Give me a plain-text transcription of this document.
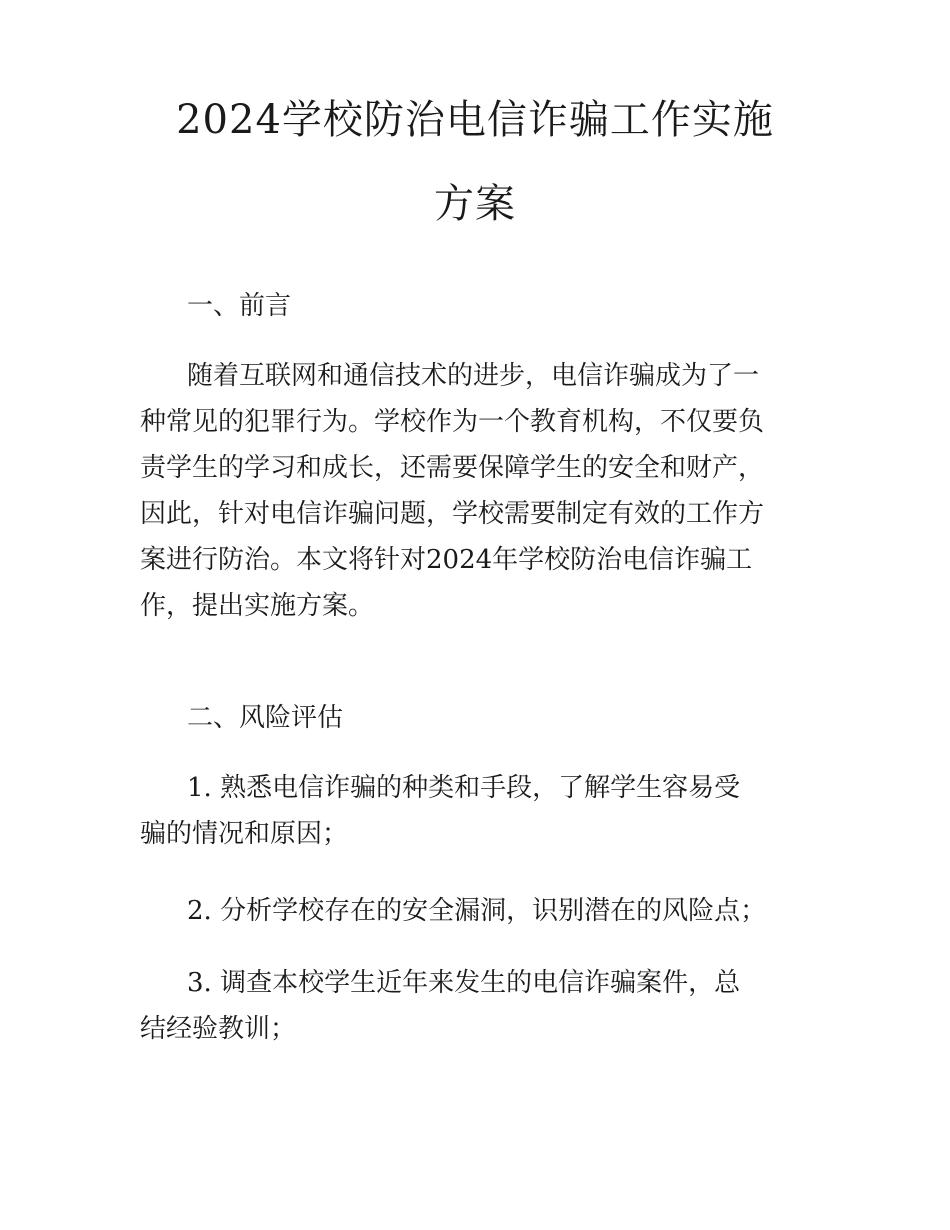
2024学校防治电信诈骗工作实施
方案

一、前言

随着互联网和通信技术的进步，电信诈骗成为了一
种常见的犯罪行为。学校作为一个教育机构，不仅要负
责学生的学习和成长，还需要保障学生的安全和财产，
因此，针对电信诈骗问题，学校需要制定有效的工作方
案进行防治。本文将针对2024年学校防治电信诈骗工
作，提出实施方案。

二、风险评估

1. 熟悉电信诈骗的种类和手段，了解学生容易受
骗的情况和原因；

2. 分析学校存在的安全漏洞，识别潜在的风险点；

3. 调查本校学生近年来发生的电信诈骗案件，总
结经验教训；
